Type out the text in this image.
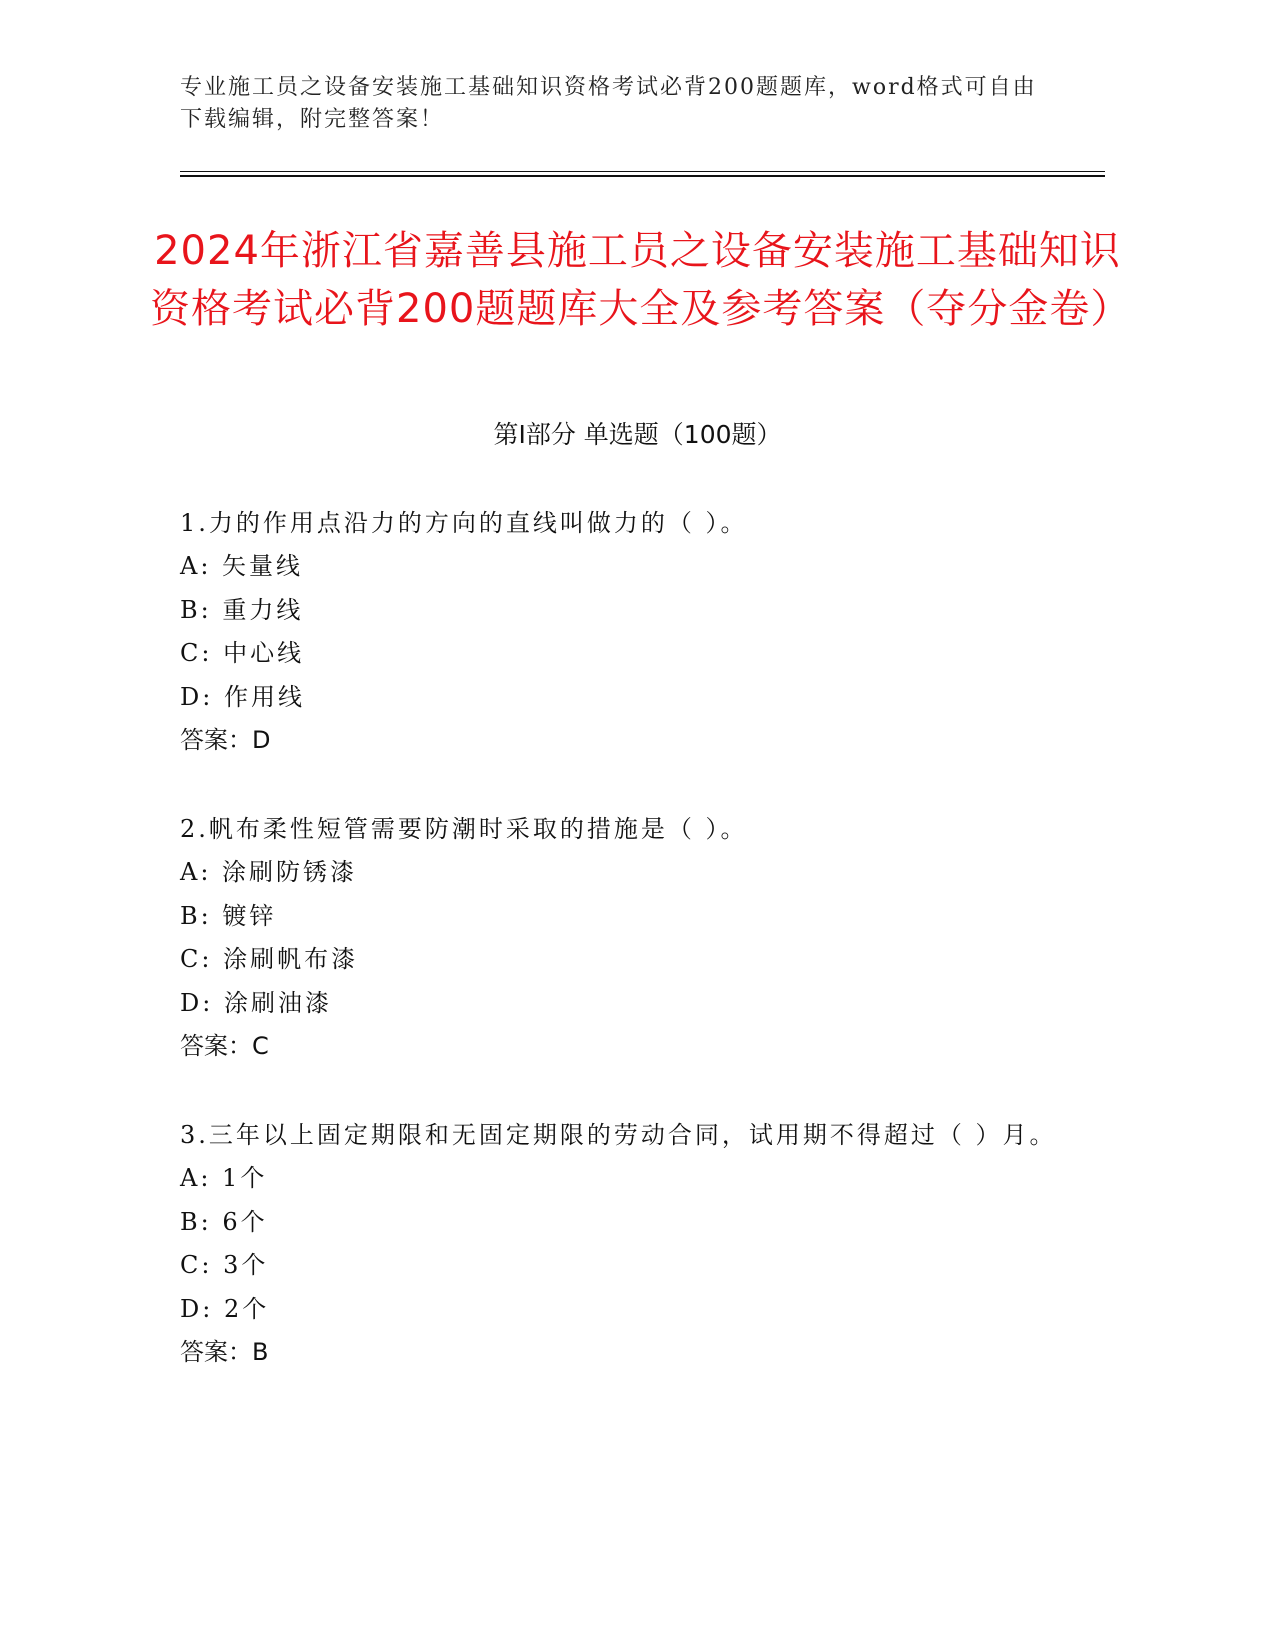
专业施工员之设备安装施工基础知识资格考试必背200题题库，word格式可自由下载编辑，附完整答案！

2024年浙江省嘉善县施工员之设备安装施工基础知识资格考试必背200题题库大全及参考答案（夺分金卷）
第Ⅰ部分 单选题（100题）

1.力的作用点沿力的方向的直线叫做力的（ ）。

A: 矢量线

B: 重力线

C: 中心线

D: 作用线

答案：D

2.帆布柔性短管需要防潮时采取的措施是（ ）。

A: 涂刷防锈漆

B: 镀锌

C: 涂刷帆布漆

D: 涂刷油漆

答案：C

3.三年以上固定期限和无固定期限的劳动合同，试用期不得超过（ ）月。

A: 1个

B: 6个

C: 3个

D: 2个

答案：B
